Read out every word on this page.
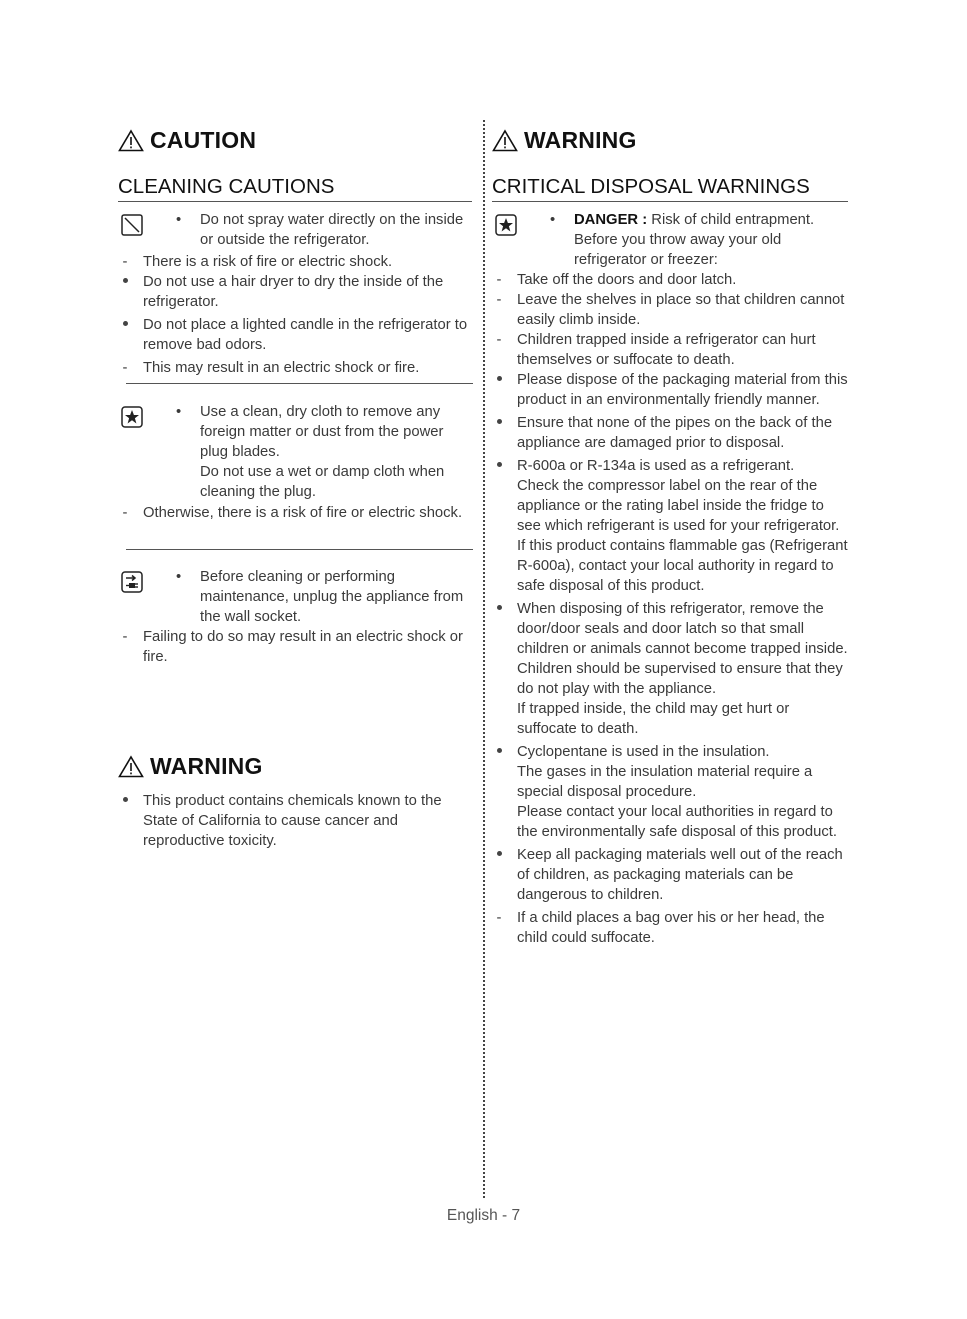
CAUTION
CLEANING CAUTIONS
• Do not spray water directly on the inside or outside the refrigerator.
-	There is a risk of fire or electric shock.
Do not use a hair dryer to dry the inside of the refrigerator.
Do not place a lighted candle in the refrigerator to remove bad odors.
-	This may result in an electric shock or fire.
• Use a clean, dry cloth to remove any foreign matter or dust from the power plug blades.
Do not use a wet or damp cloth when cleaning the plug.
-	Otherwise, there is a risk of fire or electric shock.
• Before cleaning or performing maintenance, unplug the appliance from the wall socket.
-	Failing to do so may result in an electric shock or fire.
WARNING
This product contains chemicals known to the State of California to cause cancer and reproductive toxicity.
WARNING
CRITICAL DISPOSAL WARNINGS
• DANGER : Risk of child entrapment.
Before you throw away your old refrigerator or freezer:
-	Take off the doors and door latch.
-	Leave the shelves in place so that children cannot easily climb inside.
-	Children trapped inside a refrigerator can hurt themselves or suffocate to death.
Please dispose of the packaging material from this product in an environmentally friendly manner.
Ensure that none of the pipes on the back of the appliance are damaged prior to disposal.
R-600a or R-134a is used as a refrigerant.
Check the compressor label on the rear of the appliance or the rating label inside the fridge to see which refrigerant is used for your refrigerator.
If this product contains flammable gas (Refrigerant R-600a), contact your local authority in regard to safe disposal of this product.
When disposing of this refrigerator, remove the door/door seals and door latch so that small children or animals cannot become trapped inside.
Children should be supervised to ensure that they do not play with the appliance.
If trapped inside, the child may get hurt or suffocate to death.
Cyclopentane is used in the insulation.
The gases in the insulation material require a special disposal procedure.
Please contact your local authorities in regard to the environmentally safe disposal of this product.
Keep all packaging materials well out of the reach of children, as packaging materials can be dangerous to children.
-	If a child places a bag over his or her head, the child could suffocate.
English - 7
